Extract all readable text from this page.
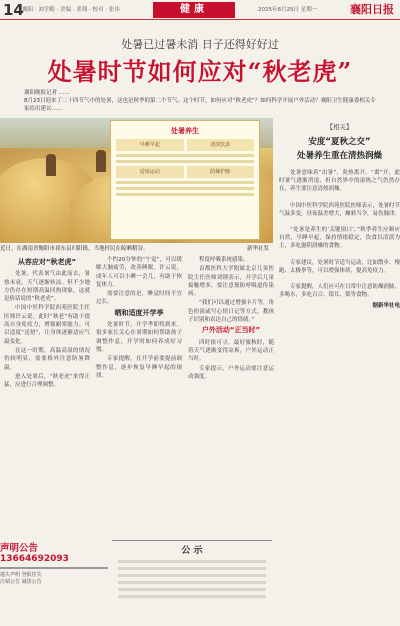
14
襄阳 · 刘学勤 · 美编 · 邓翔 · 校对 · 张伟	健康	2025年8月25日 星期一	襄阳日报
处暑已过暑未消 日子还得好好过
处暑时节如何应对“秋老虎”
襄阳晚报记者 ……
8月23日迎来了二十四节气中的处暑，这也是秋季的第二个节气。这个时节，如何应对“秋老虎”？如何科学开展户外活动？襄阳卫生健康委相关专家给出建议……
处暑养生
早睡早起	清淡饮食
适度运动	防燥护肺
近日，在湖南省衡阳市祁东县归阳镇，当地村民在晾晒稻谷。	新华社发
从容应对“秋老虎”

处暑，代表暑气由此而去，暑热未衰，天气逐渐转凉。但不少地方仍存在短期高温回热现象，这就是俗话说的“秋老虎”。

中国中医科学院西苑医院主任医师许云说，此时“秋老”有助于提高自身免疫力，增强耐寒能力。可以适度“送捂”，让身体逐渐适应气温变化。

在这一时期，高温高湿的情况仍较明显，需要格外注意防暑降温。

进入处暑后，“秋老虎”来得正猛，应进行合理调整。

个约20分钟的“午觉”，可以缓解大脑疲劳，改善睡眠。许云说，成年人可以小睡一会儿，有助于恢复体力。

需要注意的是，睡觉时间不宜过长。

晒和适度开学季

处暑时节，开学季即将到来。很多家长关心在暑期如何帮助孩子调整作息，开学时如何养成好习惯。

专家提醒，在开学前要提前调整作息，逐步恢复早睡早起的规律。

程度呼吸系统感染。

首都医科大学附属北京儿童医院主任医师刘钢表示，开学后儿童接触增多，要注意预防呼吸道传染病。

“我们可以通过增强卡片等，角色扮演或写心情日记等方式，教孩子识别和表达自己的情绪。”

户外活动“正当时”

四时依可寻，最好旅秋时，随着天气逐渐变得凉爽，户外运动正当时。

专家提示，户外运动要注意运动强度。

【相关】
安度“夏秋之交”
处暑养生重在清热润燥
处暑意味着“出暑”，炎热离开。“离”开，此时暑气逐渐消退，但自然界中的湿热之气仍然存在，养生要注意清热润燥。
中国中医科学院西苑医院医师表示，处暑时节气温多变，昼夜温差增大，燥邪当令，易伤肺津。
“处暑是养生的‘关键窗口’。”秋季养生应顺应自然，早睡早起，保持情绪稳定，饮食以清淡为主，多吃滋阴润燥的食物。
专家建议，处暑时节适当运动，比如散步、慢跑、太极拳等，可以增强体质，提高免疫力。
专家提醒，人们应可在日常中注意防燥润肺，多喝水，多吃百合、银耳、梨等食物。
据新华社电
声明公告
13664692093
遗失声明 登报挂失
注销公告 减资公告
公 示
